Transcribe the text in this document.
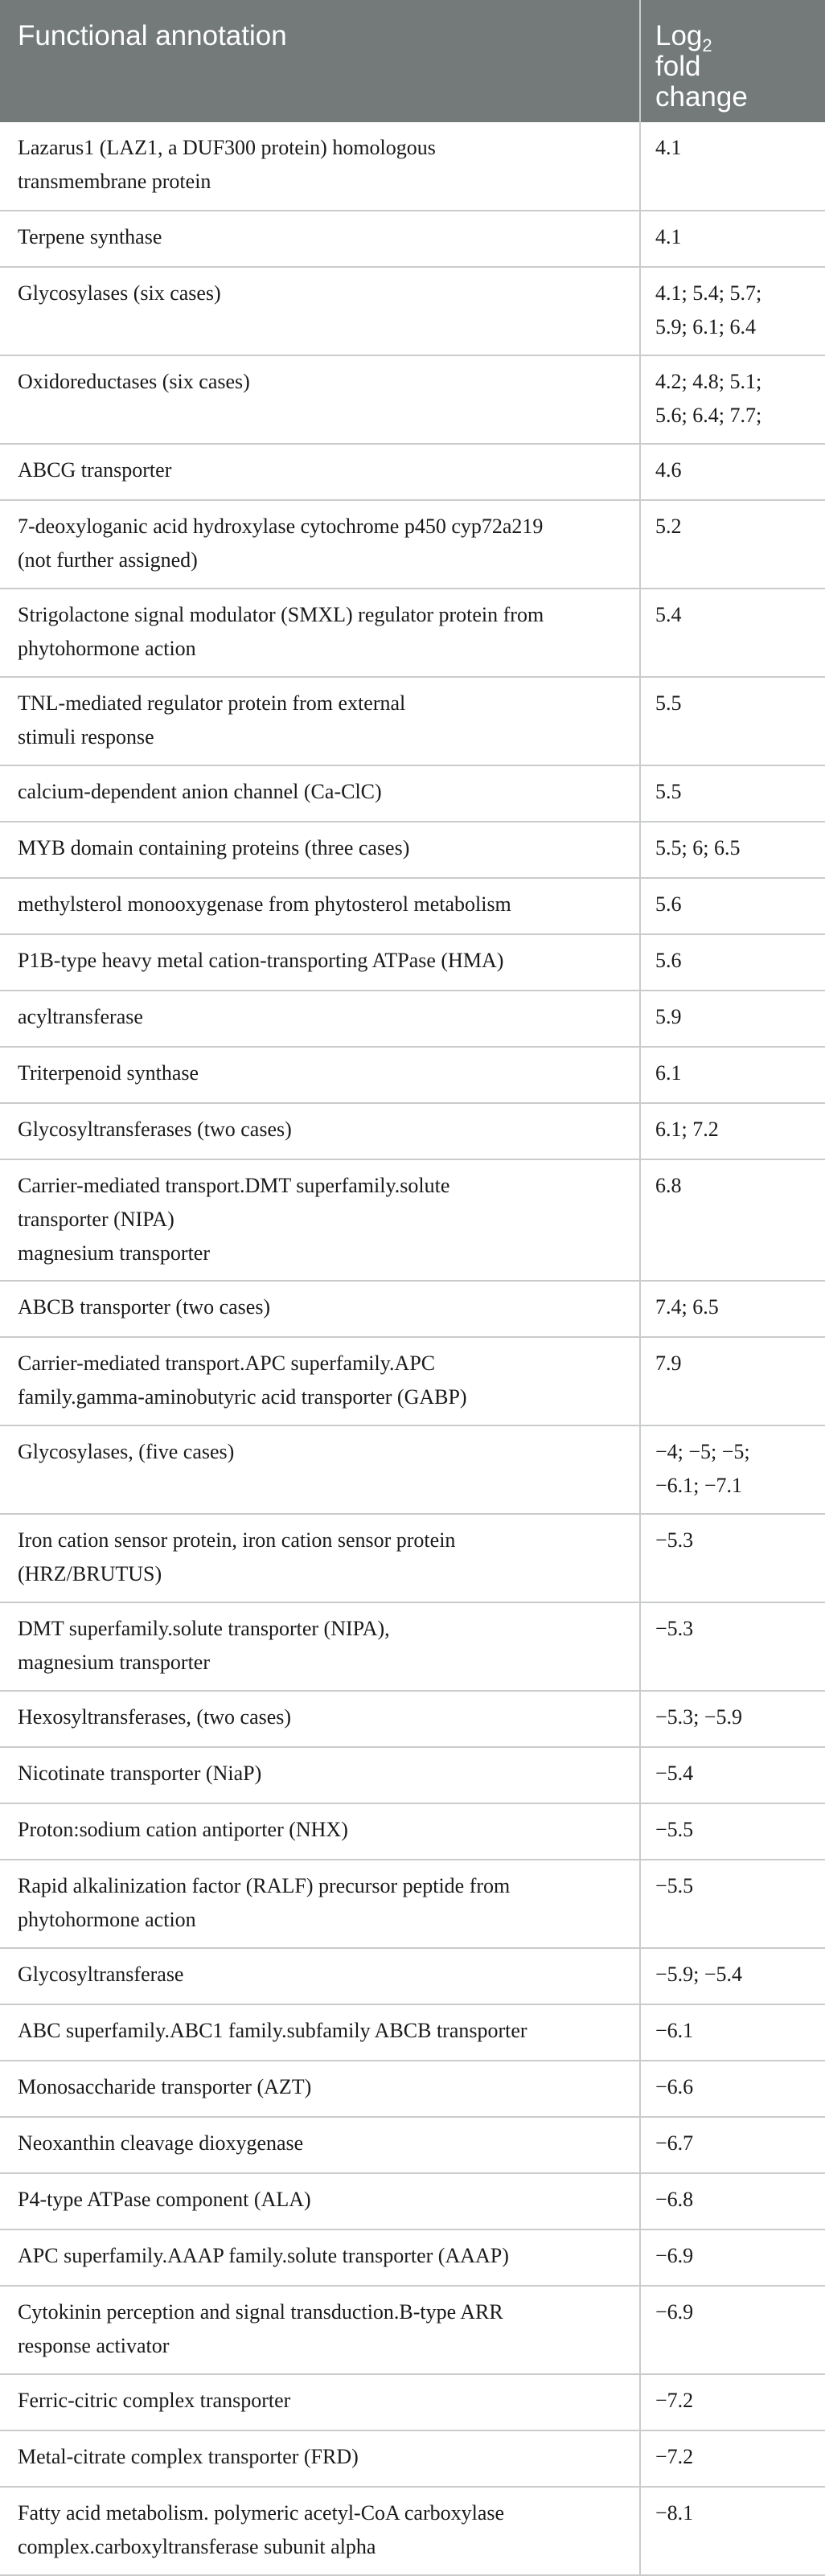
Functional annotation	Log$_2$
fold
change
Lazarus1 (LAZ1, a DUF300 protein) homologous
transmembrane protein	4.1
Terpene synthase	4.1
Glycosylases (six cases)	4.1; 5.4; 5.7;
5.9; 6.1; 6.4
Oxidoreductases (six cases)	4.2; 4.8; 5.1;
5.6; 6.4; 7.7;
ABCG transporter	4.6
7-deoxyloganic acid hydroxylase cytochrome p450 cyp72a219
(not further assigned)	5.2
Strigolactone signal modulator (SMXL) regulator protein from
phytohormone action	5.4
TNL-mediated regulator protein from external
stimuli response	5.5
calcium-dependent anion channel (Ca-ClC)	5.5
MYB domain containing proteins (three cases)	5.5; 6; 6.5
methylsterol monooxygenase from phytosterol metabolism	5.6
P1B-type heavy metal cation-transporting ATPase (HMA)	5.6
acyltransferase	5.9
Triterpenoid synthase	6.1
Glycosyltransferases (two cases)	6.1; 7.2
Carrier-mediated transport.DMT superfamily.solute
transporter (NIPA)
magnesium transporter	6.8
ABCB transporter (two cases)	7.4; 6.5
Carrier-mediated transport.APC superfamily.APC
family.gamma-aminobutyric acid transporter (GABP)	7.9
Glycosylases, (five cases)	−4; −5; −5;
−6.1; −7.1
Iron cation sensor protein, iron cation sensor protein
(HRZ/BRUTUS)	−5.3
DMT superfamily.solute transporter (NIPA),
magnesium transporter	−5.3
Hexosyltransferases, (two cases)	−5.3; −5.9
Nicotinate transporter (NiaP)	−5.4
Proton:sodium cation antiporter (NHX)	−5.5
Rapid alkalinization factor (RALF) precursor peptide from
phytohormone action	−5.5
Glycosyltransferase	−5.9; −5.4
ABC superfamily.ABC1 family.subfamily ABCB transporter	−6.1
Monosaccharide transporter (AZT)	−6.6
Neoxanthin cleavage dioxygenase	−6.7
P4-type ATPase component (ALA)	−6.8
APC superfamily.AAAP family.solute transporter (AAAP)	−6.9
Cytokinin perception and signal transduction.B-type ARR
response activator	−6.9
Ferric-citric complex transporter	−7.2
Metal-citrate complex transporter (FRD)	−7.2
Fatty acid metabolism. polymeric acetyl-CoA carboxylase
complex.carboxyltransferase subunit alpha	−8.1
